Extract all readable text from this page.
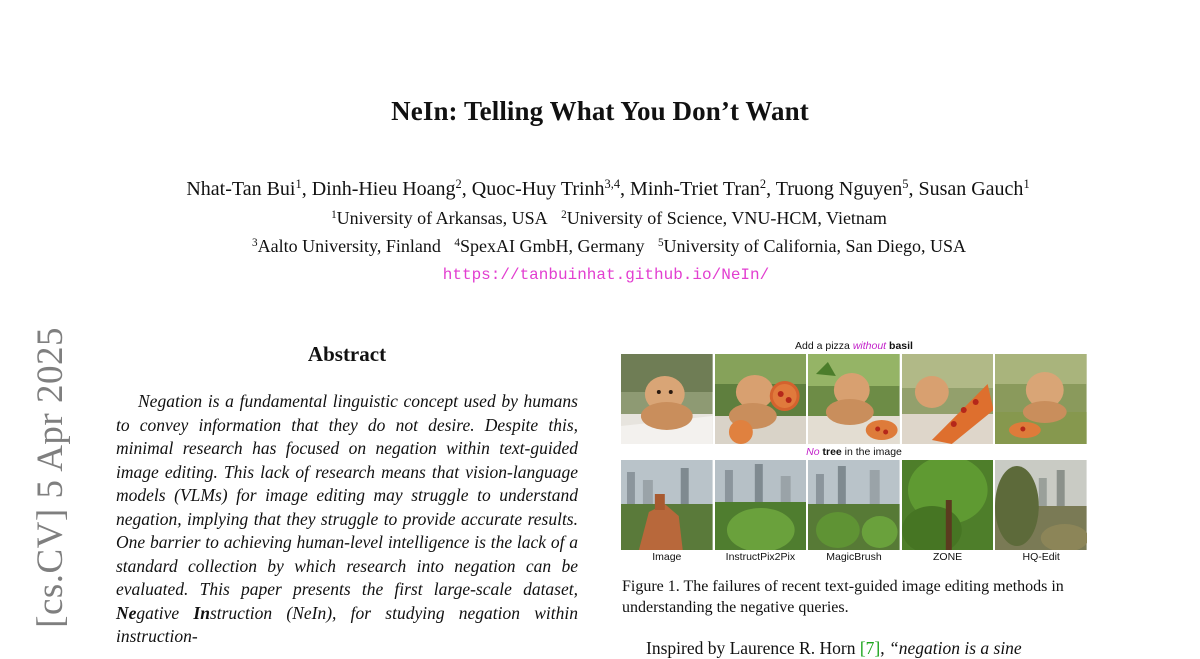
NeIn: Telling What You Don’t Want
Nhat-Tan Bui$^1$, Dinh-Hieu Hoang$^2$, Quoc-Huy Trinh$^{3,4}$, Minh-Triet Tran$^2$, Truong Nguyen$^5$, Susan Gauch$^1$
$^1$University of Arkansas, USA $^2$University of Science, VNU-HCM, Vietnam
$^3$Aalto University, Finland $^4$SpexAI GmbH, Germany $^5$University of California, San Diego, USA
https://tanbuinhat.github.io/NeIn/
[cs.CV] 5 Apr 2025	Abstract

Negation is a fundamental linguistic concept used by humans to convey information that they do not desire. Despite this, minimal research has focused on negation within text-guided image editing. This lack of research means that vision-language models (VLMs) for image editing may struggle to understand negation, implying that they struggle to provide accurate results. One barrier to achieving human-level intelligence is the lack of a standard collection by which research into negation can be evaluated. This paper presents the first large-scale dataset, Negative Instruction (NeIn), for studying negation within instruction-

Add a pizza without basil
No tree in the image
Image	InstructPix2Pix	MagicBrush	ZONE	HQ-Edit
Figure 1. The failures of recent text-guided image editing methods in understanding the negative queries.
Inspired by Laurence R. Horn [7], “negation is a sine
